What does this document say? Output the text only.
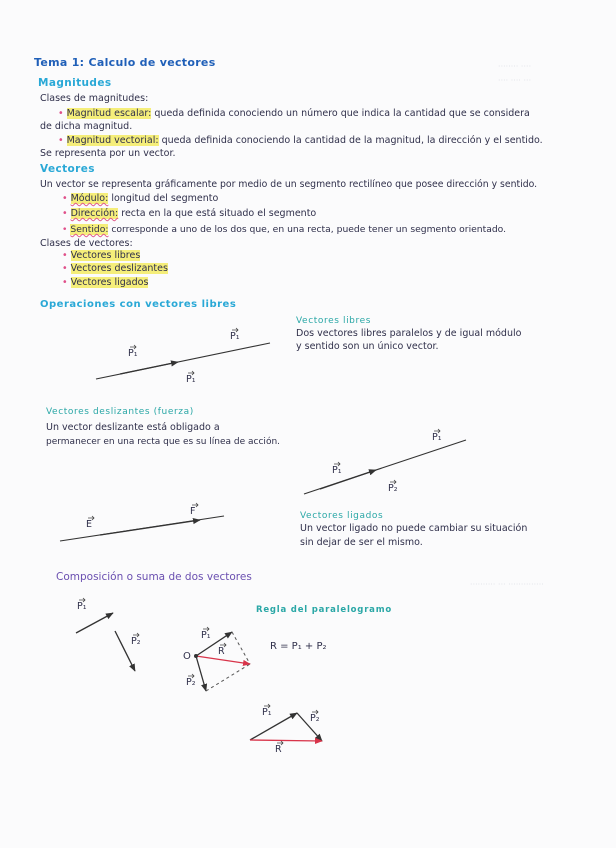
···· ········
··· ···· ····
·············· ··· ··········
Tema 1: Calculo de vectores
Magnitudes
Clases de magnitudes:
• Magnitud escalar: queda definida conociendo un número que indica la cantidad que se considera
de dicha magnitud.
• Magnitud vectorial: queda definida conociendo la cantidad de la magnitud, la dirección y el sentido.
Se representa por un vector.
Vectores
Un vector se representa gráficamente por medio de un segmento rectilíneo que posee dirección y sentido.
• Módulo: longitud del segmento
• Dirección: recta en la que está situado el segmento
• Sentido: corresponde a uno de los dos que, en una recta, puede tener un segmento orientado.
Clases de vectores:
• Vectores libres
• Vectores deslizantes
• Vectores ligados
Operaciones con vectores libres
Vectores libres
Dos vectores libres paralelos y de igual módulo
y sentido son un único vector.
Vectores deslizantes (fuerza)
Un vector deslizante está obligado a
permanecer en una recta que es su línea de acción.
Vectores ligados
Un vector ligado no puede cambiar su situación
sin dejar de ser el mismo.
Composición o suma de dos vectores
Regla del paralelogramo
R = P₁ + P₂
O
P₁
P₁
P₁
P₁
P₁
P₂
E
F
P₁
P₂
P₁
P₂
R
P₁
P₂
R
